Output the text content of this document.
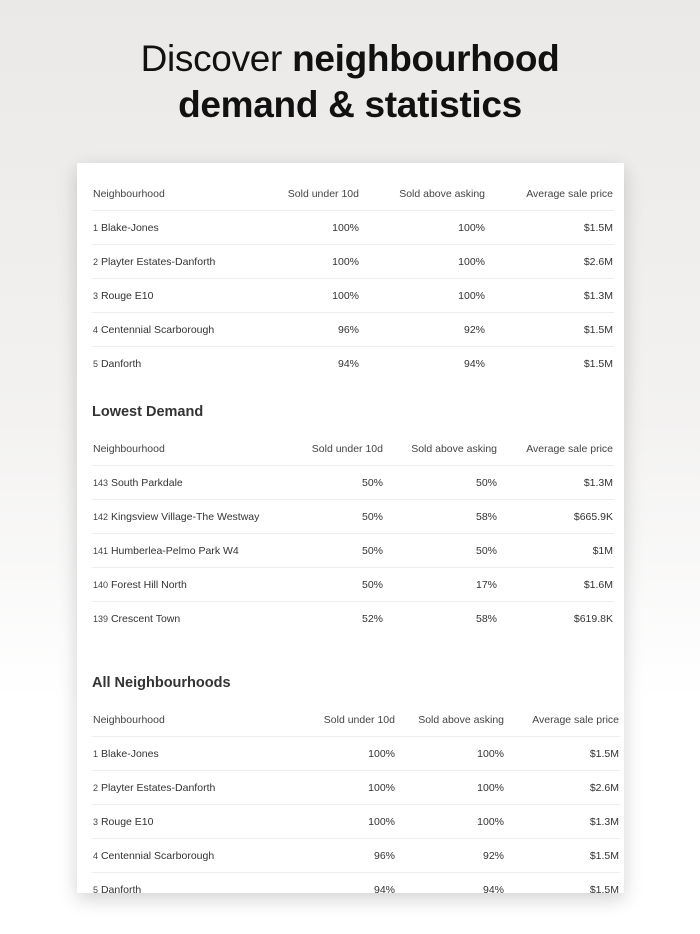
Discover neighbourhood
demand & statistics
Neighbourhood	Sold under 10d	Sold above asking	Average sale price
1 Blake-Jones	100%	100%	$1.5M
2 Playter Estates-Danforth	100%	100%	$2.6M
3 Rouge E10	100%	100%	$1.3M
4 Centennial Scarborough	96%	92%	$1.5M
5 Danforth	94%	94%	$1.5M
Lowest Demand
Neighbourhood	Sold under 10d	Sold above asking	Average sale price
143 South Parkdale	50%	50%	$1.3M
142 Kingsview Village-The Westway	50%	58%	$665.9K
141 Humberlea-Pelmo Park W4	50%	50%	$1M
140 Forest Hill North	50%	17%	$1.6M
139 Crescent Town	52%	58%	$619.8K
All Neighbourhoods
Neighbourhood	Sold under 10d	Sold above asking	Average sale price
1 Blake-Jones	100%	100%	$1.5M
2 Playter Estates-Danforth	100%	100%	$2.6M
3 Rouge E10	100%	100%	$1.3M
4 Centennial Scarborough	96%	92%	$1.5M
5 Danforth	94%	94%	$1.5M
